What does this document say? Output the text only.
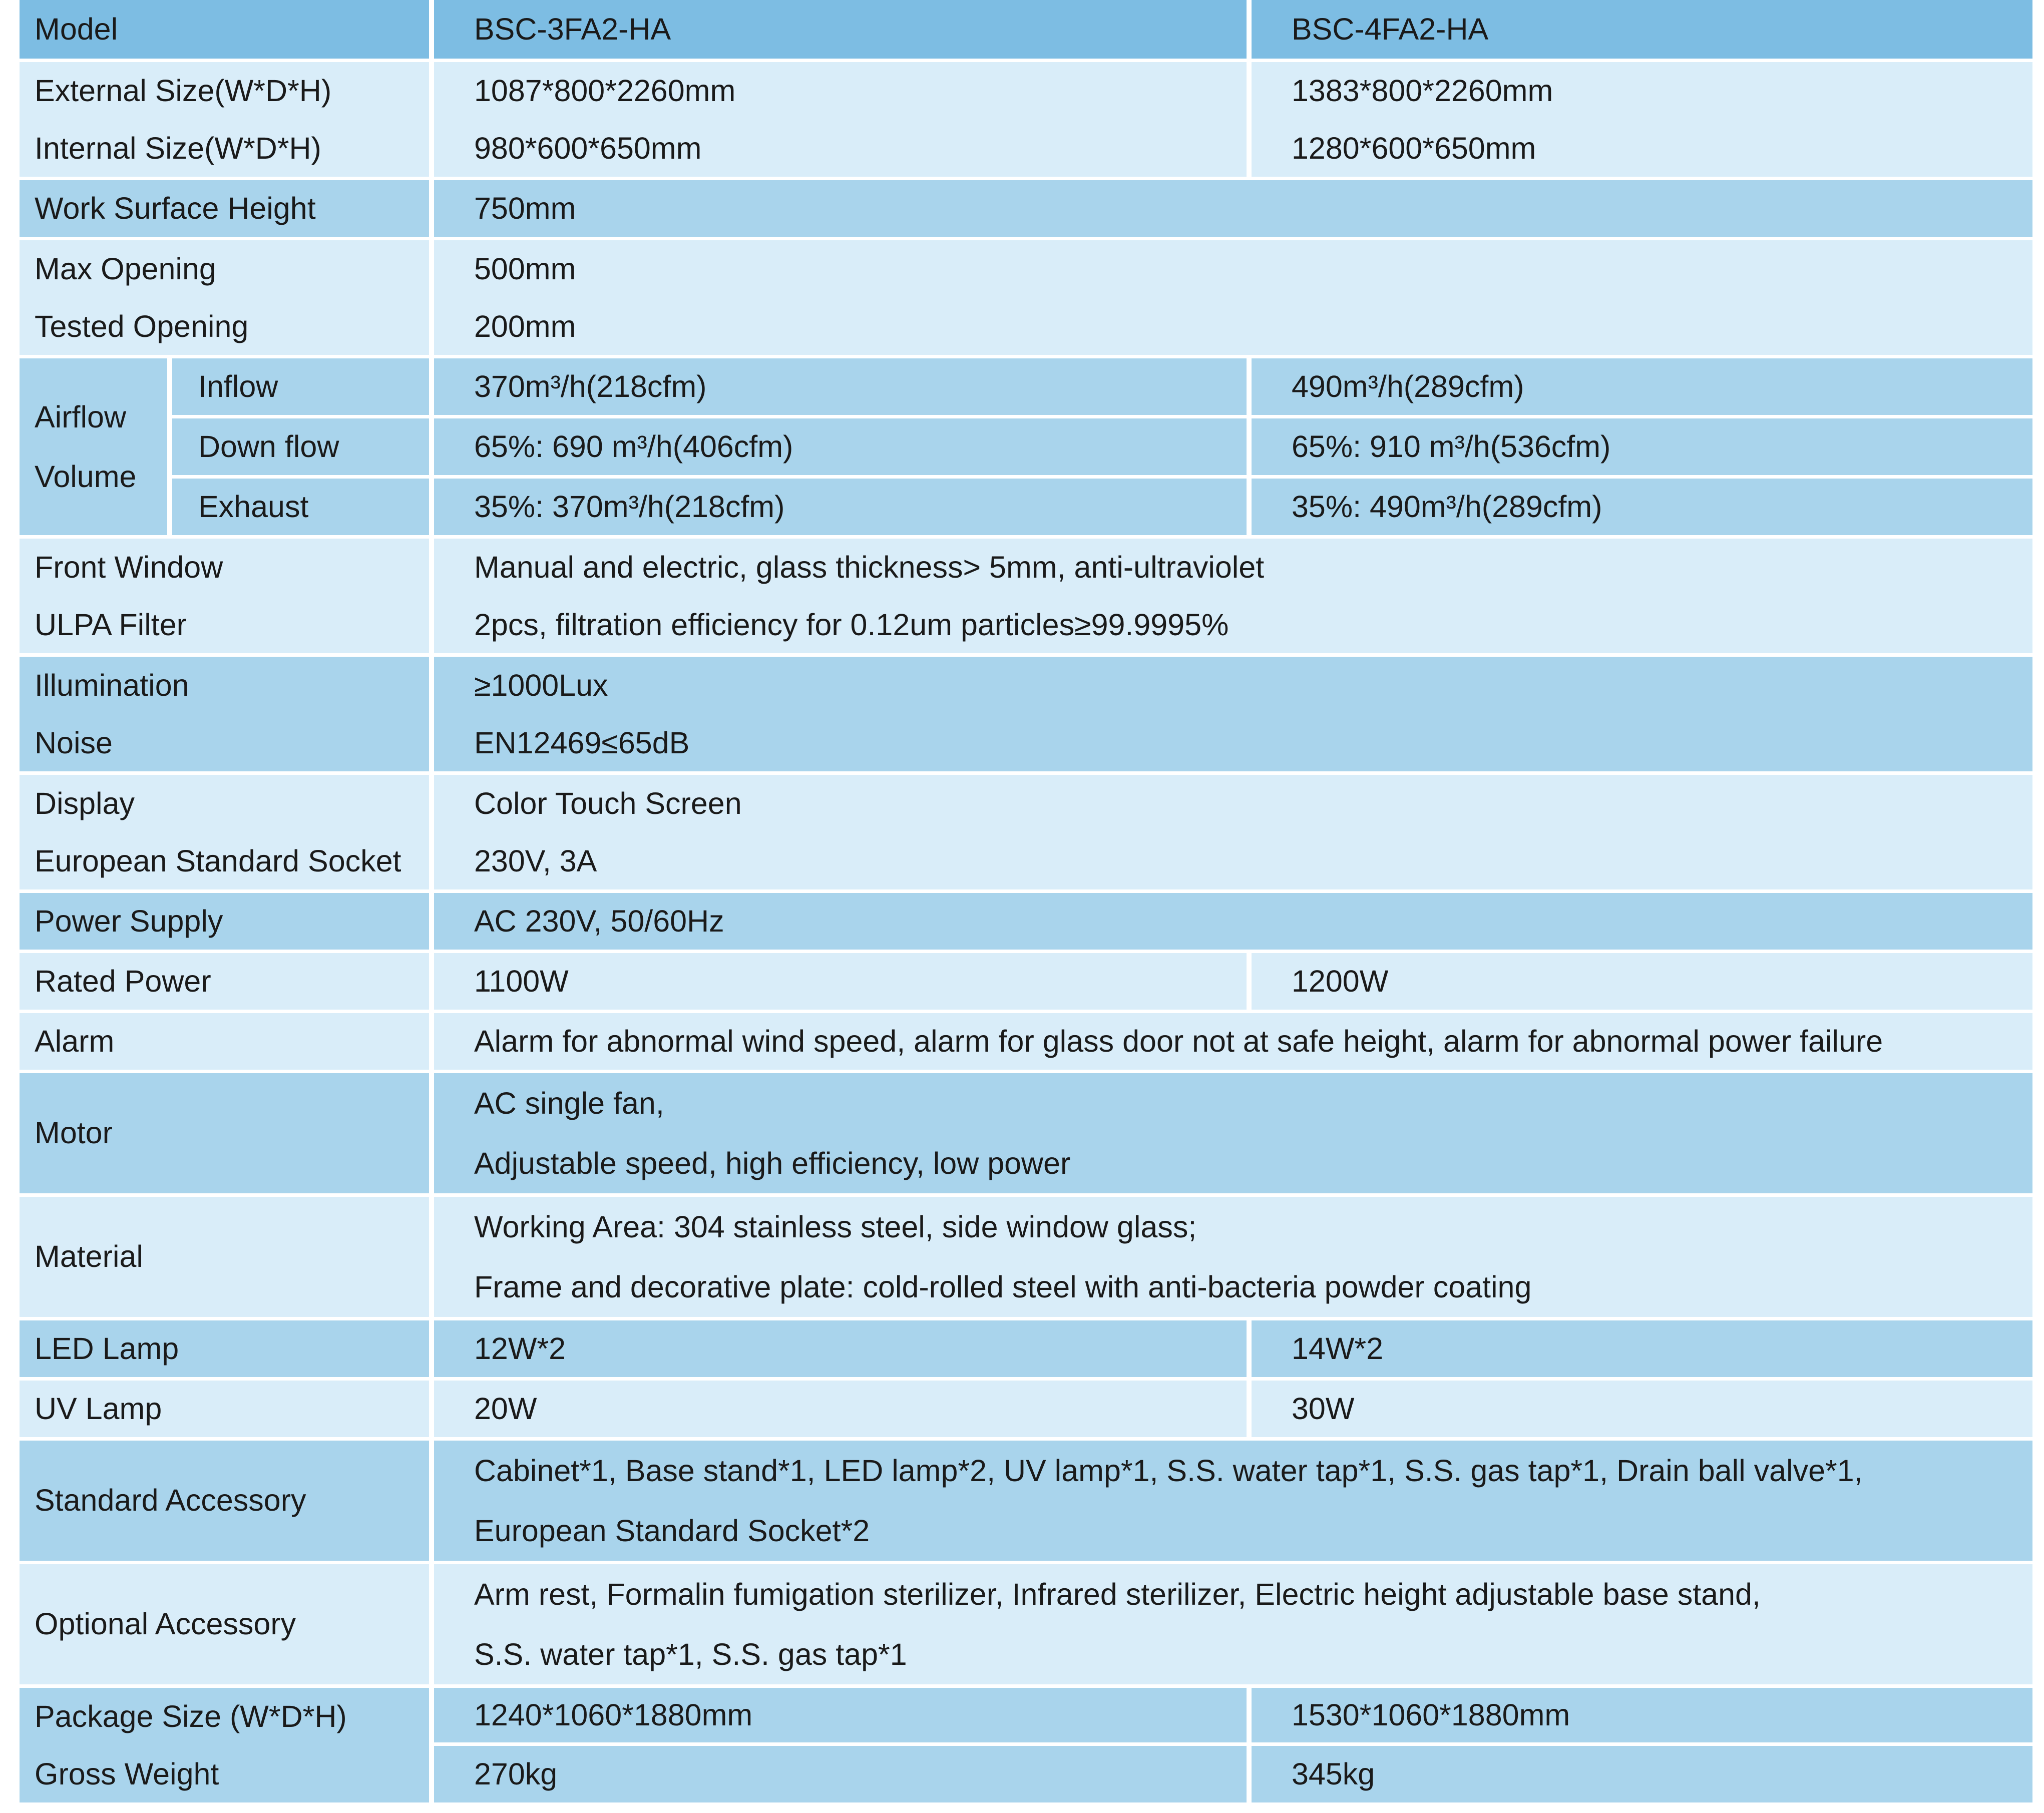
Model		BSC-3FA2-HA	BSC-4FA2-HA
External Size(W*D*H)		1087*800*2260mm	1383*800*2260mm
Internal Size(W*D*H)		980*600*650mm	1280*600*650mm
Work Surface Height		750mm	
Max Opening		500mm	
Tested Opening		200mm	
Airflow
Volume	Inflow	370m³/h(218cfm)	490m³/h(289cfm)
	Down flow	65%: 690 m³/h(406cfm)	65%: 910 m³/h(536cfm)
	Exhaust	35%: 370m³/h(218cfm)	35%: 490m³/h(289cfm)
Front Window		Manual and electric, glass thickness> 5mm, anti-ultraviolet	
ULPA Filter		2pcs, filtration efficiency for 0.12um particles≥99.9995%	
Illumination		≥1000Lux	
Noise		EN12469≤65dB	
Display		Color Touch Screen	
European Standard Socket		230V, 3A	
Power Supply		AC 230V, 50/60Hz	
Rated Power		1100W	1200W
Alarm		Alarm for abnormal wind speed, alarm for glass door not at safe height, alarm for abnormal power failure	
Motor		AC single fan,
Adjustable speed, high efficiency, low power	

Material		Working Area: 304 stainless steel, side window glass;
Frame and decorative plate: cold-rolled steel with anti-bacteria powder coating	

LED Lamp		12W*2	14W*2
UV Lamp		20W	30W
Standard Accessory		Cabinet*1, Base stand*1, LED lamp*2, UV lamp*1, S.S. water tap*1, S.S. gas tap*1, Drain ball valve*1,
European Standard Socket*2	

Optional Accessory		Arm rest, Formalin fumigation sterilizer, Infrared sterilizer, Electric height adjustable base stand,
S.S. water tap*1, S.S. gas tap*1	

Package Size (W*D*H)		1240*1060*1880mm	1530*1060*1880mm
Gross Weight		270kg	345kg
